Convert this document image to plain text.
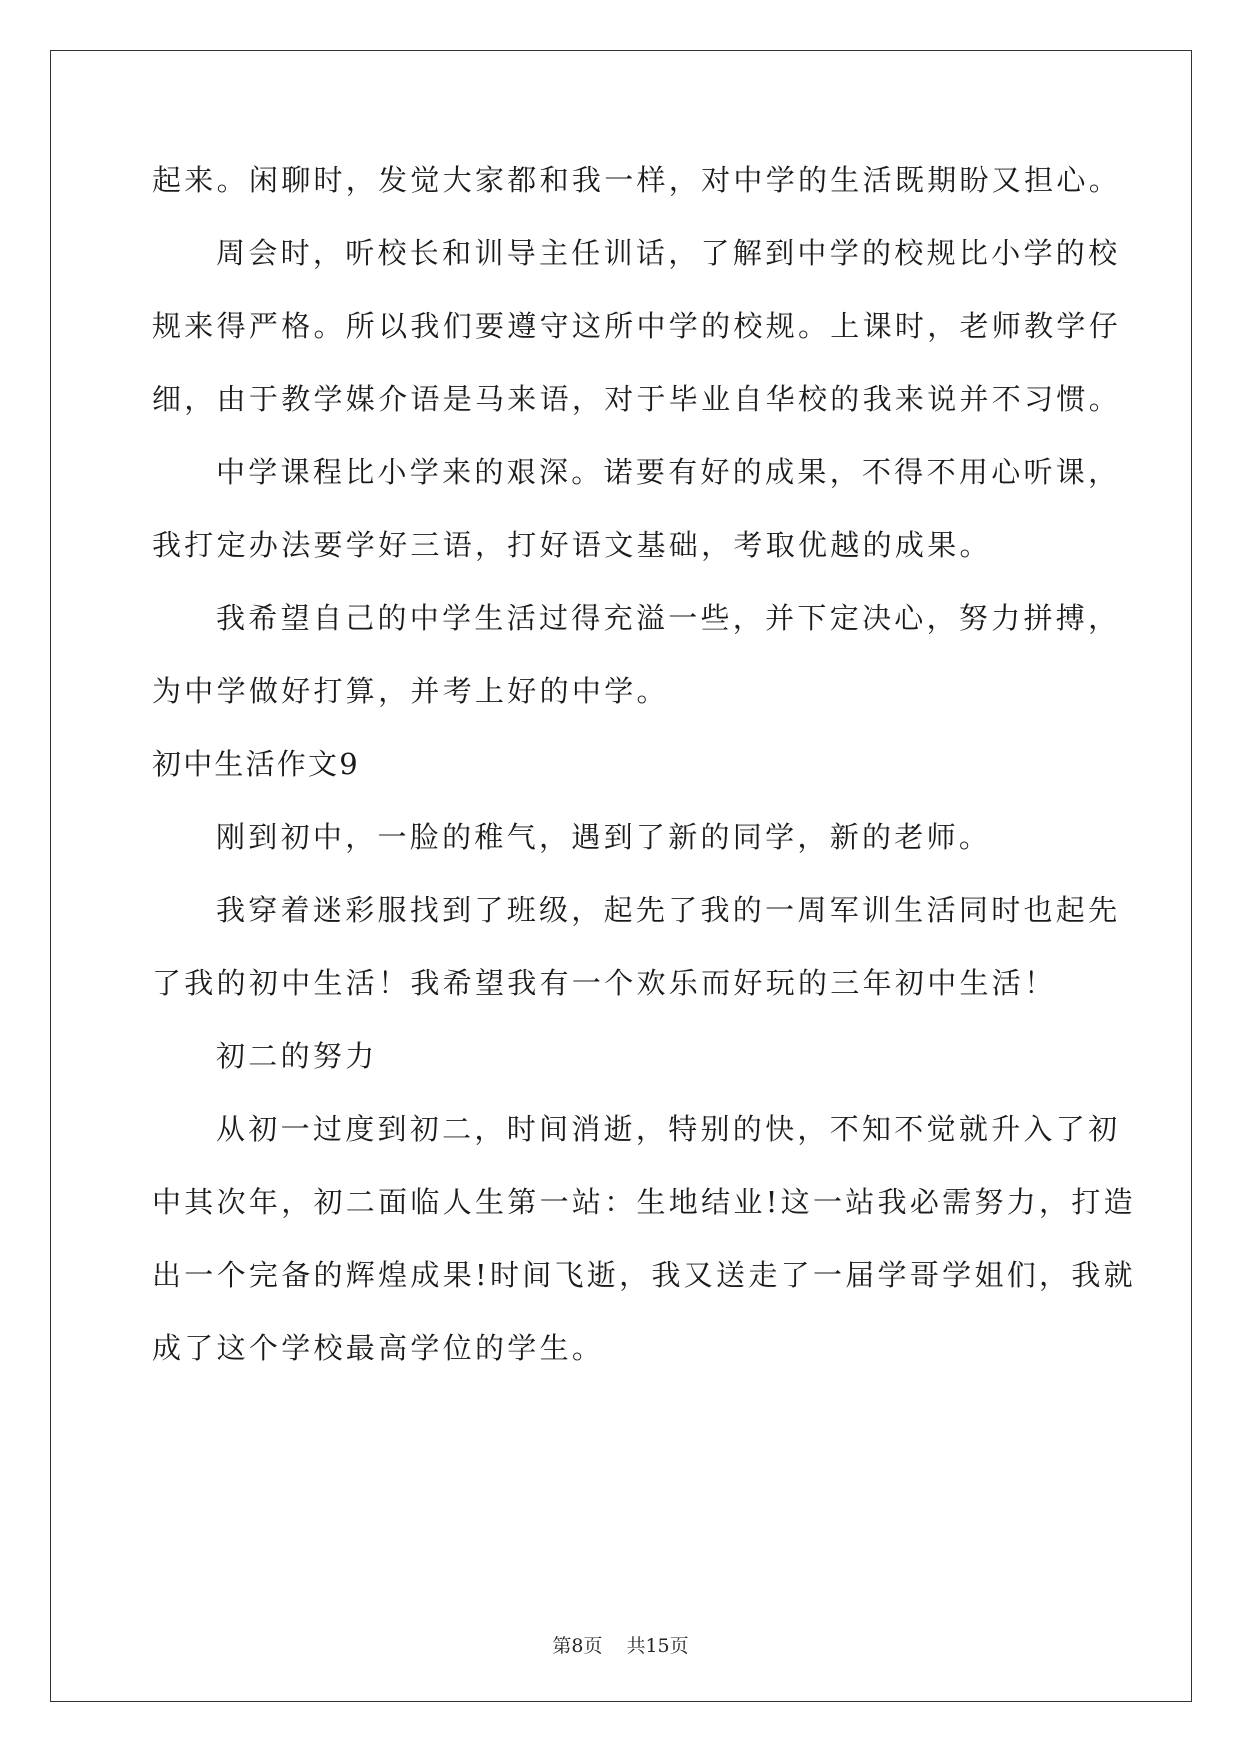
起来。闲聊时，发觉大家都和我一样，对中学的生活既期盼又担心。
周会时，听校长和训导主任训话，了解到中学的校规比小学的校
规来得严格。所以我们要遵守这所中学的校规。上课时，老师教学仔
细，由于教学媒介语是马来语，对于毕业自华校的我来说并不习惯。
中学课程比小学来的艰深。诺要有好的成果，不得不用心听课，
我打定办法要学好三语，打好语文基础，考取优越的成果。
我希望自己的中学生活过得充溢一些，并下定决心，努力拼搏，
为中学做好打算，并考上好的中学。
初中生活作文9
刚到初中，一脸的稚气，遇到了新的同学，新的老师。
我穿着迷彩服找到了班级，起先了我的一周军训生活同时也起先
了我的初中生活！我希望我有一个欢乐而好玩的三年初中生活！
初二的努力
从初一过度到初二，时间消逝，特别的快，不知不觉就升入了初
中其次年，初二面临人生第一站：生地结业!这一站我必需努力，打造
出一个完备的辉煌成果!时间飞逝，我又送走了一届学哥学姐们，我就
成了这个学校最高学位的学生。
第8页 共15页
